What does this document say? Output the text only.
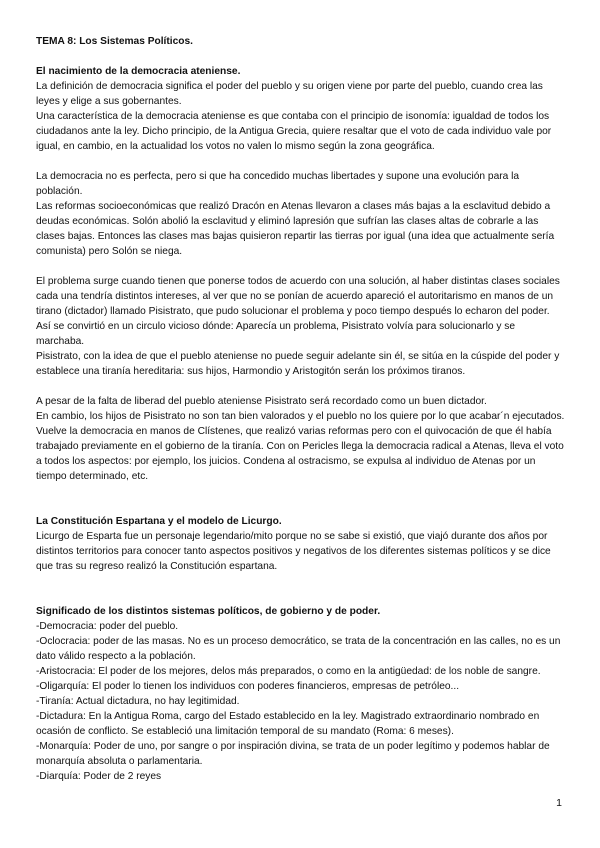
TEMA 8: Los Sistemas Políticos.

El nacimiento de la democracia ateniense.

La definición de democracia significa el poder del pueblo y su origen viene por parte del pueblo, cuando crea las leyes y elige a sus gobernantes.

Una característica de la democracia ateniense es que contaba con el principio de isonomía: igualdad de todos los ciudadanos ante la ley. Dicho principio, de la Antigua Grecia, quiere resaltar que el voto de cada individuo vale por igual, en cambio, en la actualidad los votos no valen lo mismo según la zona geográfica.

La democracia no es perfecta, pero si que ha concedido muchas libertades y supone una evolución para la población.

Las reformas socioeconómicas que realizó Dracón en Atenas llevaron a clases más bajas a la esclavitud debido a deudas económicas. Solón abolió la esclavitud y eliminó lapresión que sufrían las clases altas de cobrarle a las clases bajas. Entonces las clases mas bajas quisieron repartir las tierras por igual (una idea que actualmente sería comunista) pero Solón se niega.

El problema surge cuando tienen que ponerse todos de acuerdo con una solución, al haber distintas clases sociales cada una tendría distintos intereses, al ver que no se ponían de acuerdo apareció el autoritarismo en manos de un tirano (dictador) llamado Pisistrato, que pudo solucionar el problema y poco tiempo después lo echaron del poder. Así se convirtió en un circulo vicioso dónde: Aparecía un problema, Pisistrato volvía para solucionarlo y se marchaba.

Pisistrato, con la idea de que el pueblo ateniense no puede seguir adelante sin él, se sitúa en la cúspide del poder y establece una tiranía hereditaria: sus hijos, Harmondio y Aristogitón serán los próximos tiranos.

A pesar de la falta de liberad del pueblo ateniense Pisistrato será recordado como un buen dictador.

En cambio, los hijos de Pisistrato no son tan bien valorados y el pueblo no los quiere por lo que acabar´n ejecutados.

Vuelve la democracia en manos de Clístenes, que realizó varias reformas pero con el quivocación de que él había trabajado previamente en el gobierno de la tiranía. Con on Pericles llega la democracia radical a Atenas, lleva el voto a todos los aspectos: por ejemplo, los juicios. Condena al ostracismo, se expulsa al individuo de Atenas por un tiempo determinado, etc.

La Constitución Espartana y el modelo de Licurgo.

Licurgo de Esparta fue un personaje legendario/mito porque no se sabe si existió, que viajó durante dos años por distintos territorios para conocer tanto aspectos positivos y negativos de los diferentes sistemas políticos y se dice que tras su regreso realizó la Constitución espartana.

Significado de los distintos sistemas políticos, de gobierno y de poder.

-Democracia: poder del pueblo.

-Oclocracia: poder de las masas. No es un proceso democrático, se trata de la concentración en las calles, no es un dato válido respecto a la población.

-Aristocracia: El poder de los mejores, delos más preparados, o como en la antigüedad: de los noble de sangre.

-Oligarquía: El poder lo tienen los individuos con poderes financieros, empresas de petróleo...

-Tiranía: Actual dictadura, no hay legitimidad.

-Dictadura: En la Antigua Roma, cargo del Estado establecido en la ley. Magistrado extraordinario nombrado en ocasión de conflicto. Se estableció una limitación temporal de su mandato (Roma: 6 meses).

-Monarquía: Poder de uno, por sangre o por inspiración divina, se trata de un poder legítimo y podemos hablar de monarquía absoluta o parlamentaria.

-Diarquía: Poder de 2 reyes

1
